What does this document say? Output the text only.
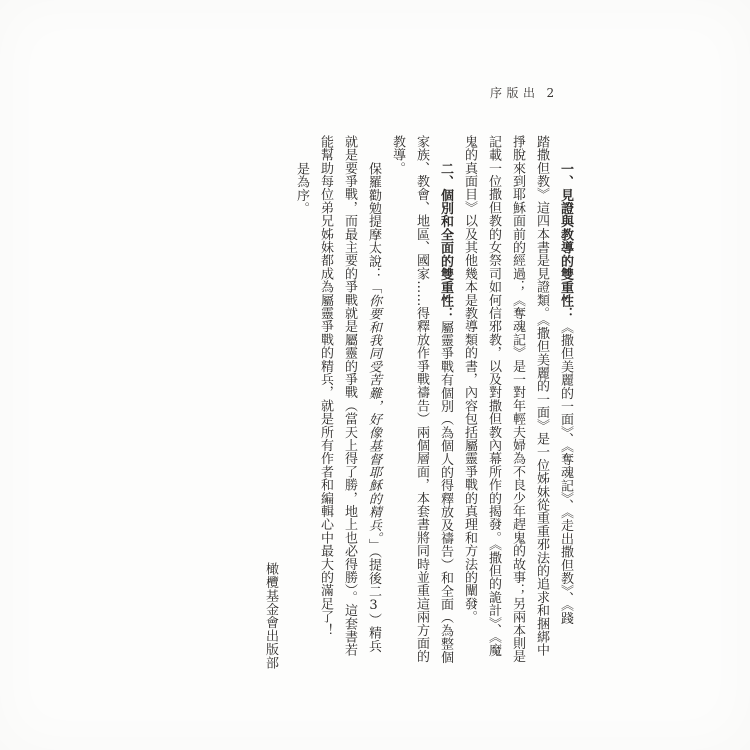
序版出 2
一、見證與教導的雙重性：《撒但美麗的一面》、《奪魂記》、《走出撒但教》、《踐
踏撒但教》這四本書是見證類。《撒但美麗的一面》是一位姊妹從重重邪法的追求和捆綁中
掙脫來到耶穌面前的經過；《奪魂記》是一對年輕夫婦為不良少年趕鬼的故事；另兩本則是
記載一位撒但教的女祭司如何信邪教，以及對撒但教內幕所作的揭發。《撒但的詭計》、《魔
鬼的真面目》以及其他幾本是教導類的書，內容包括屬靈爭戰的真理和方法的闡發。
二、個別和全面的雙重性：屬靈爭戰有個別（為個人的得釋放及禱告）和全面（為整個
家族、教會、地區、國家……得釋放作爭戰禱告）兩個層面，本套書將同時並重這兩方面的
教導。
保羅勸勉提摩太說：「你要和我同受苦難，好像基督耶穌的精兵。」（提後二3）精兵
就是要爭戰，而最主要的爭戰就是屬靈的爭戰（當天上得了勝，地上也必得勝）。這套書若
能幫助每位弟兄姊妹都成為屬靈爭戰的精兵，就是所有作者和編輯心中最大的滿足了！
是為序。
橄欖基金會出版部
